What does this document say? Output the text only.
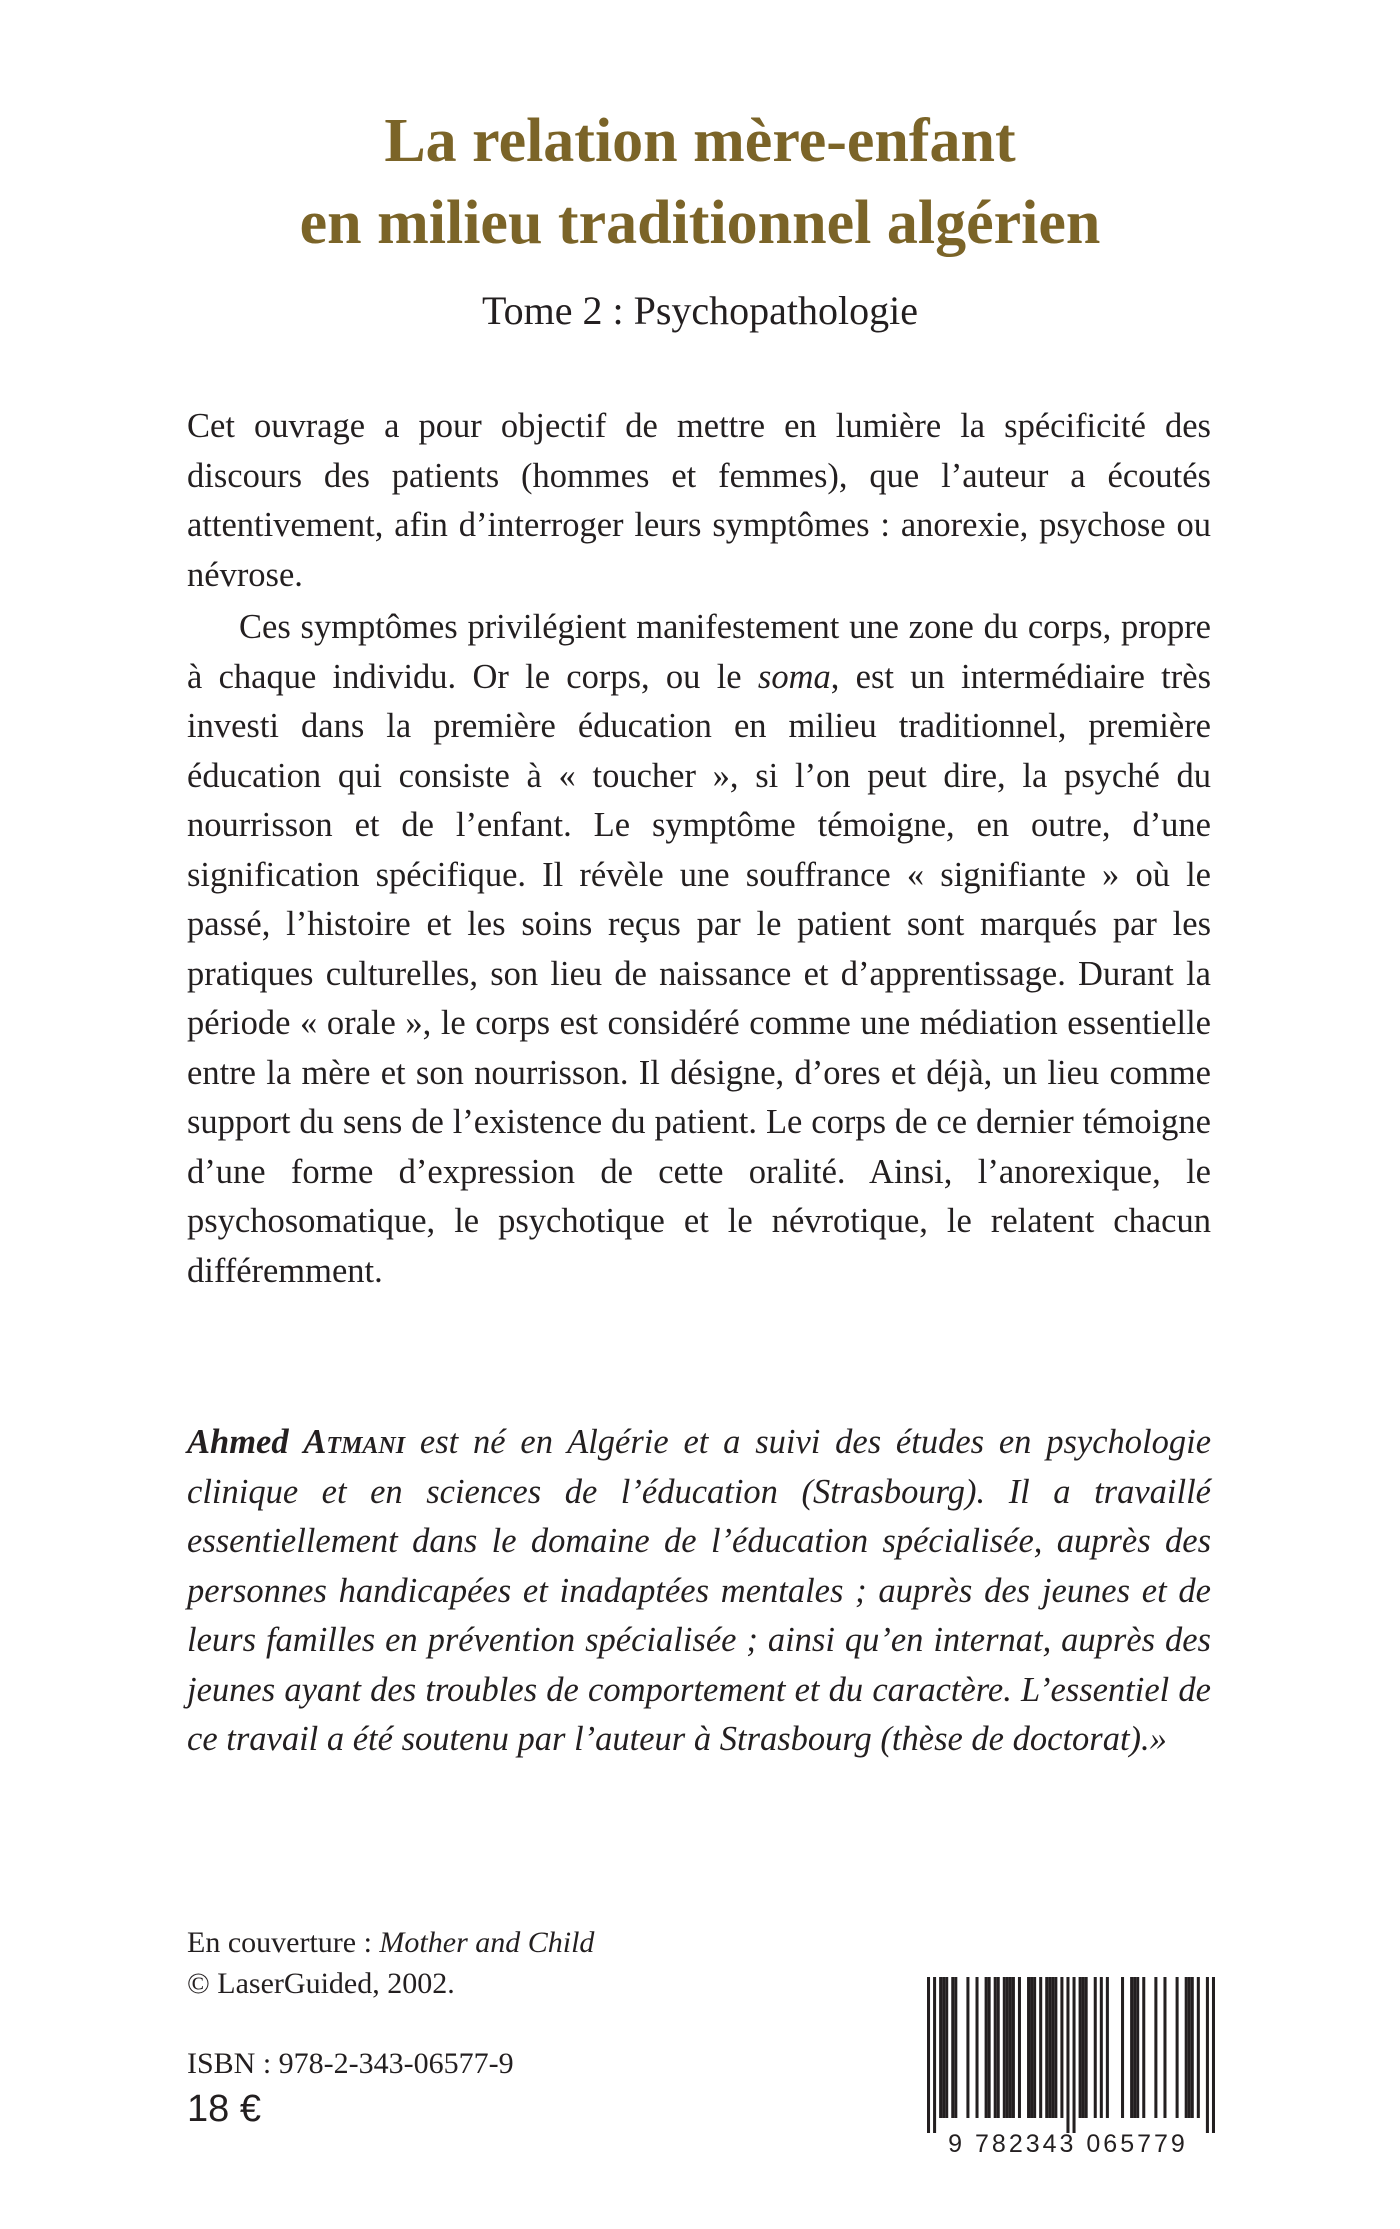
La relation mère-enfant
en milieu traditionnel algérien
Tome 2 : Psychopathologie

Cet ouvrage a pour objectif de mettre en lumière la spécificité des discours des patients (hommes et femmes), que l’auteur a écoutés attentivement, afin d’interroger leurs symptômes : anorexie, psychose ou névrose.

Ces symptômes privilégient manifestement une zone du corps, propre à chaque individu. Or le corps, ou le soma, est un intermédiaire très investi dans la première éducation en milieu traditionnel, première éducation qui consiste à « toucher », si l’on peut dire, la psyché du nourrisson et de l’enfant. Le symptôme témoigne, en outre, d’une signification spécifique. Il révèle une souffrance « signifiante » où le passé, l’histoire et les soins reçus par le patient sont marqués par les pratiques culturelles, son lieu de naissance et d’apprentissage. Durant la période « orale », le corps est considéré comme une médiation essentielle entre la mère et son nourrisson. Il désigne, d’ores et déjà, un lieu comme support du sens de l’existence du patient. Le corps de ce dernier témoigne d’une forme d’expression de cette oralité. Ainsi, l’anorexique, le psychosomatique, le psychotique et le névrotique, le relatent chacun différemment.

Ahmed Atmani est né en Algérie et a suivi des études en psychologie clinique et en sciences de l’éducation (Strasbourg). Il a travaillé essentiellement dans le domaine de l’éducation spécialisée, auprès des personnes handicapées et inadaptées mentales ; auprès des jeunes et de leurs familles en prévention spécialisée ; ainsi qu’en internat, auprès des jeunes ayant des troubles de comportement et du caractère. L’essentiel de ce travail a été soutenu par l’auteur à Strasbourg (thèse de doctorat).»
En couverture : Mother and Child
© LaserGuided, 2002.
ISBN : 978-2-343-06577-9
18 €
9 782343 065779
